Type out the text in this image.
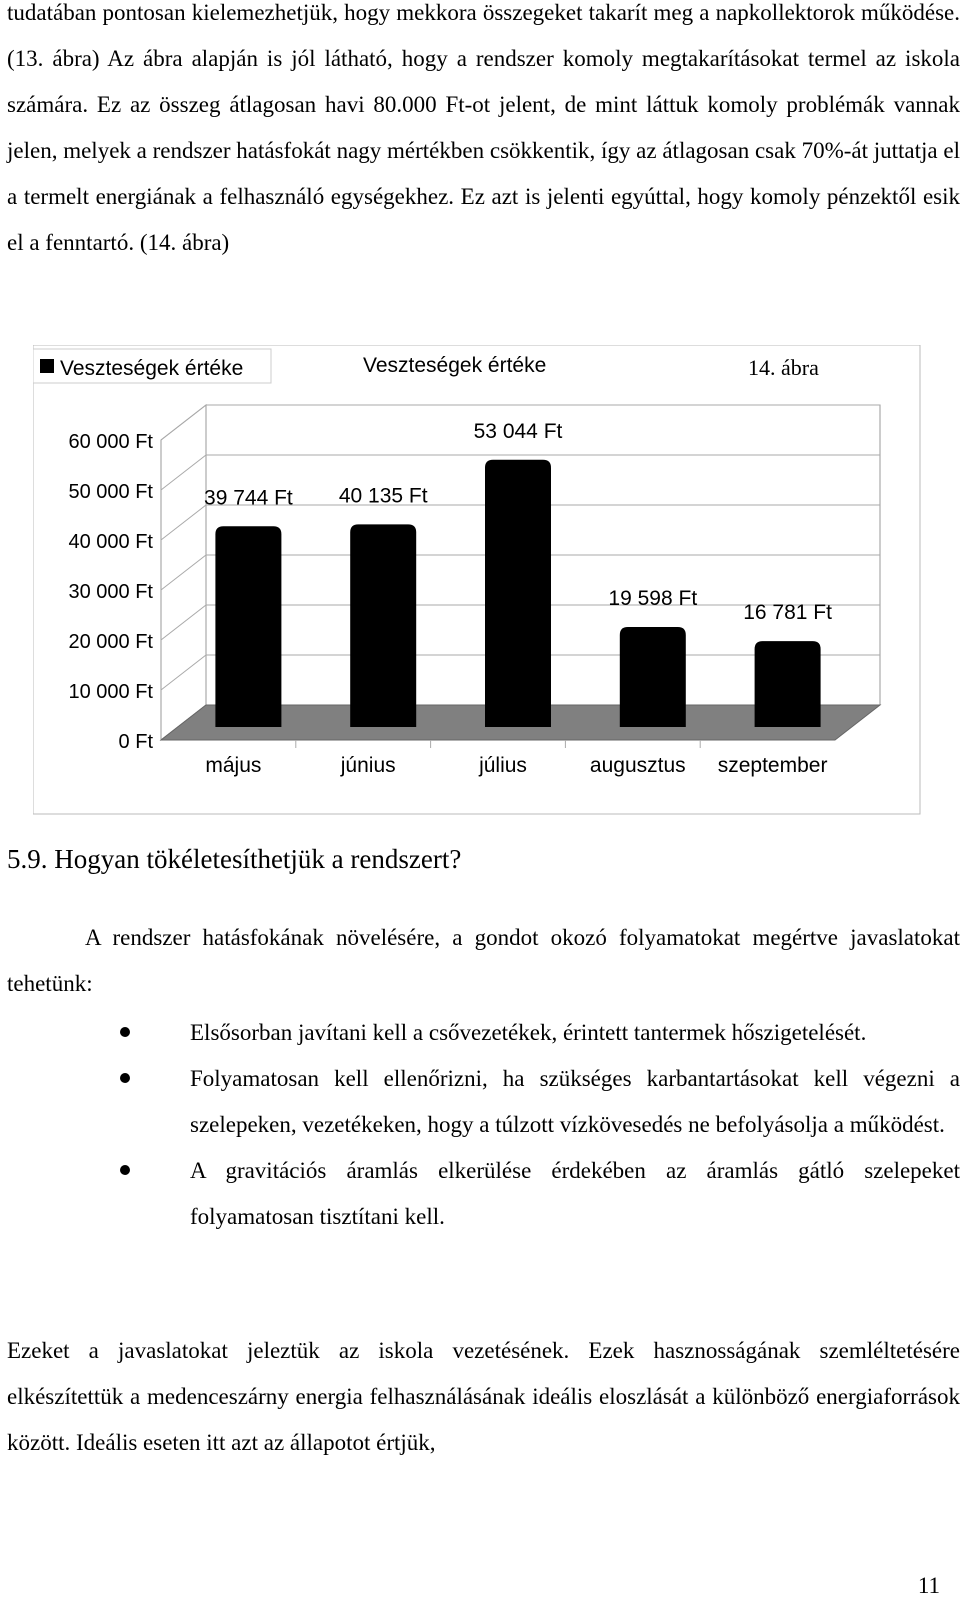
tudatában pontosan kielemezhetjük, hogy mekkora összegeket takarít meg a napkollektorok működése. (13. ábra) Az ábra alapján is jól látható, hogy a rendszer komoly megtakarításokat termel az iskola számára. Ez az összeg átlagosan havi 80.000 Ft-ot jelent, de mint láttuk komoly problémák vannak jelen, melyek a rendszer hatásfokát nagy mértékben csökkentik, így az átlagosan csak 70%-át juttatja el a termelt energiának a felhasználó egységekhez. Ez azt is jelenti egyúttal, hogy komoly pénzektől esik el a fenntartó. (14. ábra)
Veszteségek értéke	Veszteségek értéke	14. ábra
0 Ft
10 000 Ft
20 000 Ft
30 000 Ft
40 000 Ft
50 000 Ft
60 000 Ft
39 744 Ft
május
40 135 Ft
június
53 044 Ft
július
19 598 Ft
augusztus
16 781 Ft
szeptember
5.9. Hogyan tökéletesíthetjük a rendszert?
A rendszer hatásfokának növelésére, a gondot okozó folyamatokat megértve javaslatokat tehetünk:
Elsősorban javítani kell a csővezetékek, érintett tantermek hőszigetelését.
Folyamatosan kell ellenőrizni, ha szükséges karbantartásokat kell végezni a szelepeken, vezetékeken, hogy a túlzott vízkövesedés ne befolyásolja a működést.
A gravitációs áramlás elkerülése érdekében az áramlás gátló szelepeket folyamatosan tisztítani kell.
Ezeket a javaslatokat jeleztük az iskola vezetésének. Ezek hasznosságának szemléltetésére elkészítettük a medenceszárny energia felhasználásának ideális eloszlását a különböző energiaforrások között. Ideális eseten itt azt az állapotot értjük,
11
